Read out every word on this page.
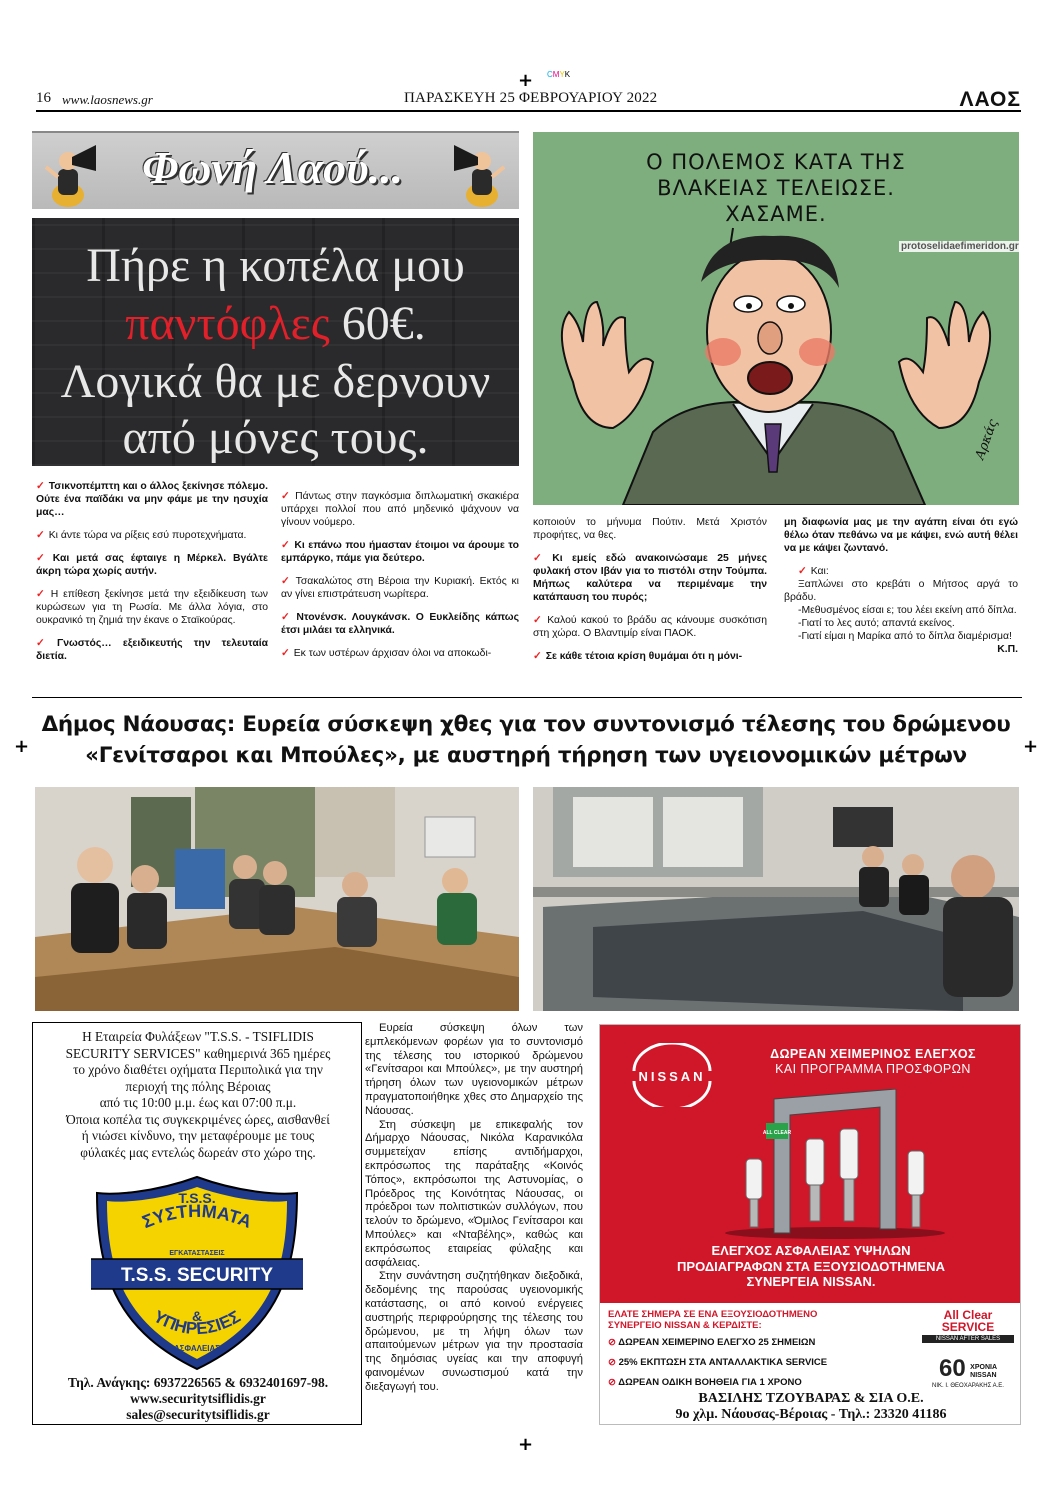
+ CMYK
+	+
+
16 www.laosnews.gr	ΠΑΡΑΣΚΕΥΗ 25 ΦΕΒΡΟΥΑΡΙΟΥ 2022	ΛΑΟΣ
Φωνή Λαού...
Πήρε η κοπέλα μου
παντόφλες 60€.
Λογικά θα με δερνουν
από μόνες τους.
Ο ΠΟΛΕΜΟΣ ΚΑΤΑ ΤΗΣ
ΒΛΑΚΕΙΑΣ ΤΕΛΕΙΩΣΕ.
ΧΑΣΑΜΕ.
Αρκάς
protoselidaefimeridon.gr

✓ Τσικνοπέμπτη και ο άλλος ξεκίνησε πόλεμο. Ούτε ένα παϊδάκι να μην φάμε με την ησυχία μας…

✓ Κι άντε τώρα να ρίξεις εσύ πυροτεχνήματα.

✓ Και μετά σας έφταιγε η Μέρκελ. Βγάλτε άκρη τώρα χωρίς αυτήν.

✓ Η επίθεση ξεκίνησε μετά την εξειδίκευση των κυρώσεων για τη Ρωσία. Με άλλα λόγια, στο ουκρανικό τη ζημιά την έκανε ο Σταϊκούρας.

✓ Γνωστός… εξειδικευτής την τελευταία διετία.

✓ Πάντως στην παγκόσμια διπλωματική σκακιέρα υπάρχει πολλοί που από μηδενικό ψάχνουν να γίνουν νούμερο.

✓ Κι επάνω που ήμασταν έτοιμοι να άρουμε το εμπάργκο, πάμε για δεύτερο.

✓ Τσακαλώτος στη Βέροια την Κυριακή. Εκτός κι αν γίνει επιστράτευση νωρίτερα.

✓ Ντονένσκ. Λουγκάνσκ. Ο Ευκλείδης κάπως έτσι μιλάει τα ελληνικά.

✓ Εκ των υστέρων άρχισαν όλοι να αποκωδι-

κοποιούν το μήνυμα Πούτιν. Μετά Χριστόν προφήτες, να θες.

✓ Κι εμείς εδώ ανακοινώσαμε 25 μήνες φυλακή στον Ιβάν για το πιστόλι στην Τούμπα. Μήπως καλύτερα να περιμέναμε την κατάπαυση του πυρός;

✓ Καλού κακού το βράδυ ας κάνουμε συσκότιση στη χώρα. Ο Βλαντιμίρ είναι ΠΑΟΚ.

✓ Σε κάθε τέτοια κρίση θυμάμαι ότι η μόνι-

μη διαφωνία μας με την αγάπη είναι ότι εγώ θέλω όταν πεθάνω να με κάψει, ενώ αυτή θέλει να με κάψει ζωντανό.

✓ Και:
Ξαπλώνει στο κρεβάτι ο Μήτσος αργά το βράδυ.
-Μεθυσμένος είσαι ε; του λέει εκείνη από δίπλα.
-Γιατί το λες αυτό; απαντά εκείνος.
-Γιατί είμαι η Μαρίκα από το δίπλα διαμέρισμα!
Κ.Π.
Δήμος Νάουσας: Ευρεία σύσκεψη χθες για τον συντονισμό τέλεσης του δρώμενου
«Γενίτσαροι και Μπούλες», με αυστηρή τήρηση των υγειονομικών μέτρων
Η Εταιρεία Φυλάξεων "T.S.S. - TSIFLIDIS
SECURITY SERVICES" καθημερινά 365 ημέρες
το χρόνο διαθέτει οχήματα Περιπολικά για την
περιοχή της πόλης Βέροιας
από τις 10:00 μ.μ. έως και 07:00 π.μ.
Όποια κοπέλα τις συγκεκριμένες ώρες, αισθανθεί
ή νιώσει κίνδυνο, την μεταφέρουμε με τους
φύλακές μας εντελώς δωρεάν στο χώρο της.
T.S.S.
ΣΥΣΤΗΜΑΤΑ
ΕΓΚΑΤΑΣΤΑΣΕΙΣ
T.S.S. SECURITY
ΥΠΗΡΕΣΙΕΣ
&
ΑΣΦΑΛΕΙΑΣ
Τηλ. Ανάγκης: 6937226565 & 6932401697-98.
www.securitytsiflidis.gr
sales@securitytsiflidis.gr

Ευρεία σύσκεψη όλων των εμπλεκόμενων φορέων για το συντονισμό της τέλεσης του ιστορικού δρώμενου «Γενίτσαροι και Μπούλες», με την αυστηρή τήρηση όλων των υγειονομικών μέτρων πραγματοποιήθηκε χθες στο Δημαρχείο της Νάουσας.

Στη σύσκεψη με επικεφαλής τον Δήμαρχο Νάουσας, Νικόλα Καρανικόλα συμμετείχαν επίσης αντιδήμαρχοι, εκπρόσωπος της παράταξης «Κοινός Τόπος», εκπρόσωποι της Αστυνομίας, ο Πρόεδρος της Κοινότητας Νάουσας, οι πρόεδροι των πολιτιστικών συλλόγων, που τελούν το δρώμενο, «Όμιλος Γενίτσαροι και Μπούλες» και «Νταβέλης», καθώς και εκπρόσωπος εταιρείας φύλαξης και ασφάλειας.

Στην συνάντηση συζητήθηκαν διεξοδικά, δεδομένης της παρούσας υγειονομικής κατάστασης, οι από κοινού ενέργειες αυστηρής περιφρούρησης της τέλεσης του δρώμενου, με τη λήψη όλων των απαιτούμενων μέτρων για την προστασία της δημόσιας υγείας και την αποφυγή φαινομένων συνωστισμού κατά την διεξαγωγή του.

NISSAN
ΔΩΡΕΑΝ ΧΕΙΜΕΡΙΝΟΣ ΕΛΕΓΧΟΣ
ΚΑΙ ΠΡΟΓΡΑΜΜΑ ΠΡΟΣΦΟΡΩΝ
ALL CLEAR
ΕΛΕΓΧΟΣ ΑΣΦΑΛΕΙΑΣ ΥΨΗΛΩΝ
ΠΡΟΔΙΑΓΡΑΦΩΝ ΣΤΑ ΕΞΟΥΣΙΟΔΟΤΗΜΕΝΑ
ΣΥΝΕΡΓΕΙΑ NISSAN.
ΕΛΑΤΕ ΣΗΜΕΡΑ ΣΕ ΕΝΑ ΕΞΟΥΣΙΟΔΟΤΗΜΕΝΟ
ΣΥΝΕΡΓΕΙΟ NISSAN & ΚΕΡΔΙΣΤΕ:
⊘ ΔΩΡΕΑΝ ΧΕΙΜΕΡΙΝΟ ΕΛΕΓΧΟ 25 ΣΗΜΕΙΩΝ
⊘ 25% ΕΚΠΤΩΣΗ ΣΤΑ ΑΝΤΑΛΛΑΚΤΙΚΑ SERVICE
⊘ ΔΩΡΕΑΝ ΟΔΙΚΗ ΒΟΗΘΕΙΑ ΓΙΑ 1 ΧΡΟΝΟ
All Clear
SERVICE
NISSAN AFTER SALES
60 ΧΡΟΝΙΑ
NISSAN
ΝΙΚ. Ι. ΘΕΟΧΑΡΑΚΗΣ Α.Ε.
ΒΑΣΙΛΗΣ ΤΖΟΥΒΑΡΑΣ & ΣΙΑ Ο.Ε.
9ο χλμ. Νάουσας-Βέροιας - Τηλ.: 23320 41186
